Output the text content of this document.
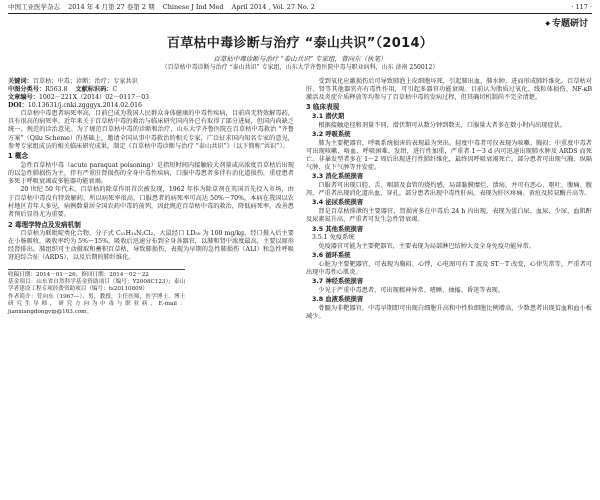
中国工业医学杂志 2014 年 4 月第 27 卷第 2 期 Chinese J Ind Med April 2014 , Vol. 27 No. 2	· 117 ·
◆ 专题研讨
百草枯中毒诊断与治疗 “泰山共识”（2014）
百草枯中毒诊断与治疗 “泰山共识” 专家组，菅向东（执笔）
（百草枯中毒诊断与治疗 “泰山共识” 专家组，山东大学齐鲁医院中毒与职业病科，山东 济南 250012）

关键词：百草枯；中毒；诊断；治疗；专家共识

中图分类号：R563.8 文献标识码：C

文章编号：1002－221X（2014）02－0117－03

DOI：10.13631/j.cnki.zgggyx.2014.02.016

百草枯中毒患者病死率高，目前已成为我国人民群众身体健康的中毒性疾病，目前尚无特效解毒药，具有很高的病死率。近年来关于百草枯中毒的救治与临床研究国内外已有取得了部分进展，但国内尚缺乏统一、规范的诊治意见。为了规范百草枯中毒的诊断和治疗，山东大学齐鲁医院在百草枯中毒救治 “齐鲁方案”（Qilu Scheme）的基础上，邀请全国从事中毒救治的相关专家，广泛征求国内知名专家的意见，参考专家组成员的相关临床研究成果，制定《百草枯中毒诊断与治疗 “泰山共识”》（以下简称“共识”）。

1 概念

急性百草枯中毒（acute paraquat poisoning）是指短时间内接触较大剂量或高浓度百草枯后出现的以急性肺损伤为主，伴有严重肝肾损伤的全身中毒性疾病，口服中毒患者多伴有消化道损伤，重症患者多死于呼吸衰竭或多脏器功能衰竭。

20 世纪 50 年代末，百草枯的除草作用首次被发现，1962 年作为除草剂在英国首先投入市场，由于百草枯中毒没有特效解药，所以病死率很高，口服患者的病死率可高达 50%～70%。本病在我国以农村地区青年人多见，病例数量居全国农药中毒的前列，因此规范百草枯中毒的救治，降低病死率，改善患者预后显得尤为重要。

2 毒理学特点及发病机制

百草枯为联吡啶类化合物，分子式 C₁₂H₁₄N₂Cl₂，大鼠经口 LD₅₀ 为 100 mg/kg，经口摄入后主要在小肠吸收，吸收率约为 5%～15%，吸收后迅速分布到全身各器官，以肺和肾中浓度最高，主要以原形经肾排出。肺组织可主动摄取和蓄积百草枯，导致肺损伤，表现为早期的急性肺损伤（ALI）和急性呼吸窘迫综合征（ARDS），以及后期的肺纤维化。

收稿日期：2014－01－26；修回日期：2014－02－22

基金项目：山东省自然科学基金资助项目（编号：Y2008C123）；泰山学者建设工程专项经费资助项目（编号：ts20110809）

作者简介：菅向东（1967—），男，教授，主任医师，医学博士，博士研究生导师，研究方向为中毒与职业病。E-mail：jianxiangdongvip@163.com。

受到氧化应激损伤后可导致肺泡上皮细胞坏死，引起肺出血、肺水肿，进而形成肺纤维化。百草枯对肝、肾等其他器官亦有毒性作用，可引起多器官功能衰竭。目前认为脂质过氧化、线粒体损伤、NF-κB 激活及炎症介质释放等均参与了百草枯中毒的发病过程，但其确切机制尚不完全清楚。

3 临床表现
3.1 潜伏期

根据接触途径和剂量不同，潜伏期可从数分钟到数天，口服量大者多在数小时内出现症状。

3.2 呼吸系统

肺为主要靶器官，呼吸系统损害的表现最为突出。轻度中毒者可仅表现为咳嗽、胸闷；中重度中毒者可出现咳嗽、咯血、呼吸困难、发绀，进行性加重，严重者 1～3 d 内可迅速出现肺水肿及 ARDS 而死亡。非暴发型者多在 1～2 周后出现进行性肺纤维化，最终因呼吸衰竭死亡。部分患者可出现气胸、纵隔气肿、皮下气肿等并发症。

3.3 消化系统损害

口服者可出现口腔、舌、咽部及食管的烧灼感，局部黏膜糜烂、溃疡，并可有恶心、呕吐、腹痛、腹泻，严重者出现消化道出血、穿孔。部分患者出现中毒性肝病，表现为肝区疼痛、黄疸及转氨酶升高等。

3.4 泌尿系统损害

肾是百草枯排泄的主要器官，肾损害多在中毒后 24 h 内出现，表现为蛋白尿、血尿、少尿，血肌酐及尿素氮升高，严重者可发生急性肾衰竭。

3.5 其他系统损害
3.5.1 免疫系统

免疫器官可能为主要靶器官，主要表现为局部淋巴结肿大及全身免疫功能异常。

3.6 循环系统

心脏为主要靶器官，可表现为胸闷、心悸，心电图可有 T 波及 ST－T 改变，心律失常等，严重者可出现中毒性心肌炎。

3.7 神经系统损害

少见于严重中毒患者，可出现精神异常、嗜睡、抽搐、昏迷等表现。

3.8 血液系统损害

骨髓为非靶器官，中毒早期即可出现白细胞升高和中性粒细胞比例增高，少数患者出现贫血和血小板减少。
